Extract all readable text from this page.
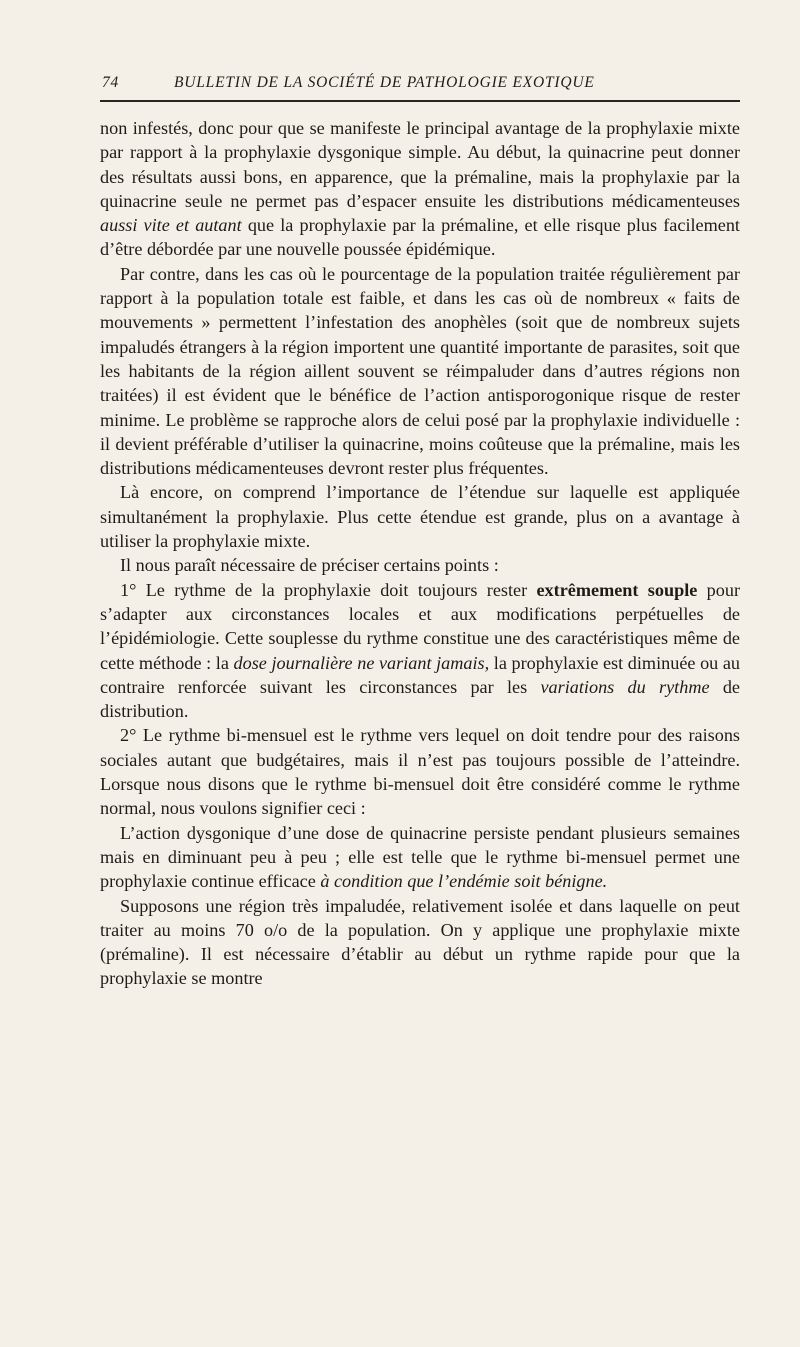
74	BULLETIN DE LA SOCIÉTÉ DE PATHOLOGIE EXOTIQUE

non infestés, donc pour que se manifeste le principal avantage de la prophylaxie mixte par rapport à la prophylaxie dysgonique simple. Au début, la quinacrine peut donner des résultats aussi bons, en apparence, que la prémaline, mais la prophylaxie par la quinacrine seule ne permet pas d’espacer ensuite les distributions médicamenteuses aussi vite et autant que la prophylaxie par la prémaline, et elle risque plus facilement d’être débordée par une nouvelle poussée épidémique.

Par contre, dans les cas où le pourcentage de la population traitée régulièrement par rapport à la population totale est faible, et dans les cas où de nombreux « faits de mouvements » permettent l’infestation des anophèles (soit que de nombreux sujets impaludés étrangers à la région importent une quantité importante de parasites, soit que les habitants de la région aillent souvent se réimpaluder dans d’autres régions non traitées) il est évident que le bénéfice de l’action antisporogonique risque de rester minime. Le problème se rapproche alors de celui posé par la prophylaxie individuelle : il devient préférable d’utiliser la quinacrine, moins coûteuse que la prémaline, mais les distributions médicamenteuses devront rester plus fréquentes.

Là encore, on comprend l’importance de l’étendue sur laquelle est appliquée simultanément la prophylaxie. Plus cette étendue est grande, plus on a avantage à utiliser la prophylaxie mixte.

Il nous paraît nécessaire de préciser certains points :

1° Le rythme de la prophylaxie doit toujours rester extrêmement souple pour s’adapter aux circonstances locales et aux modifications perpétuelles de l’épidémiologie. Cette souplesse du rythme constitue une des caractéristiques même de cette méthode : la dose journalière ne variant jamais, la prophylaxie est diminuée ou au contraire renforcée suivant les circonstances par les variations du rythme de distribution.

2° Le rythme bi-mensuel est le rythme vers lequel on doit tendre pour des raisons sociales autant que budgétaires, mais il n’est pas toujours possible de l’atteindre. Lorsque nous disons que le rythme bi-mensuel doit être considéré comme le rythme normal, nous voulons signifier ceci :

L’action dysgonique d’une dose de quinacrine persiste pendant plusieurs semaines mais en diminuant peu à peu ; elle est telle que le rythme bi-mensuel permet une prophylaxie continue efficace à condition que l’endémie soit bénigne.

Supposons une région très impaludée, relativement isolée et dans laquelle on peut traiter au moins 70 o/o de la population. On y applique une prophylaxie mixte (prémaline). Il est nécessaire d’établir au début un rythme rapide pour que la prophylaxie se montre
